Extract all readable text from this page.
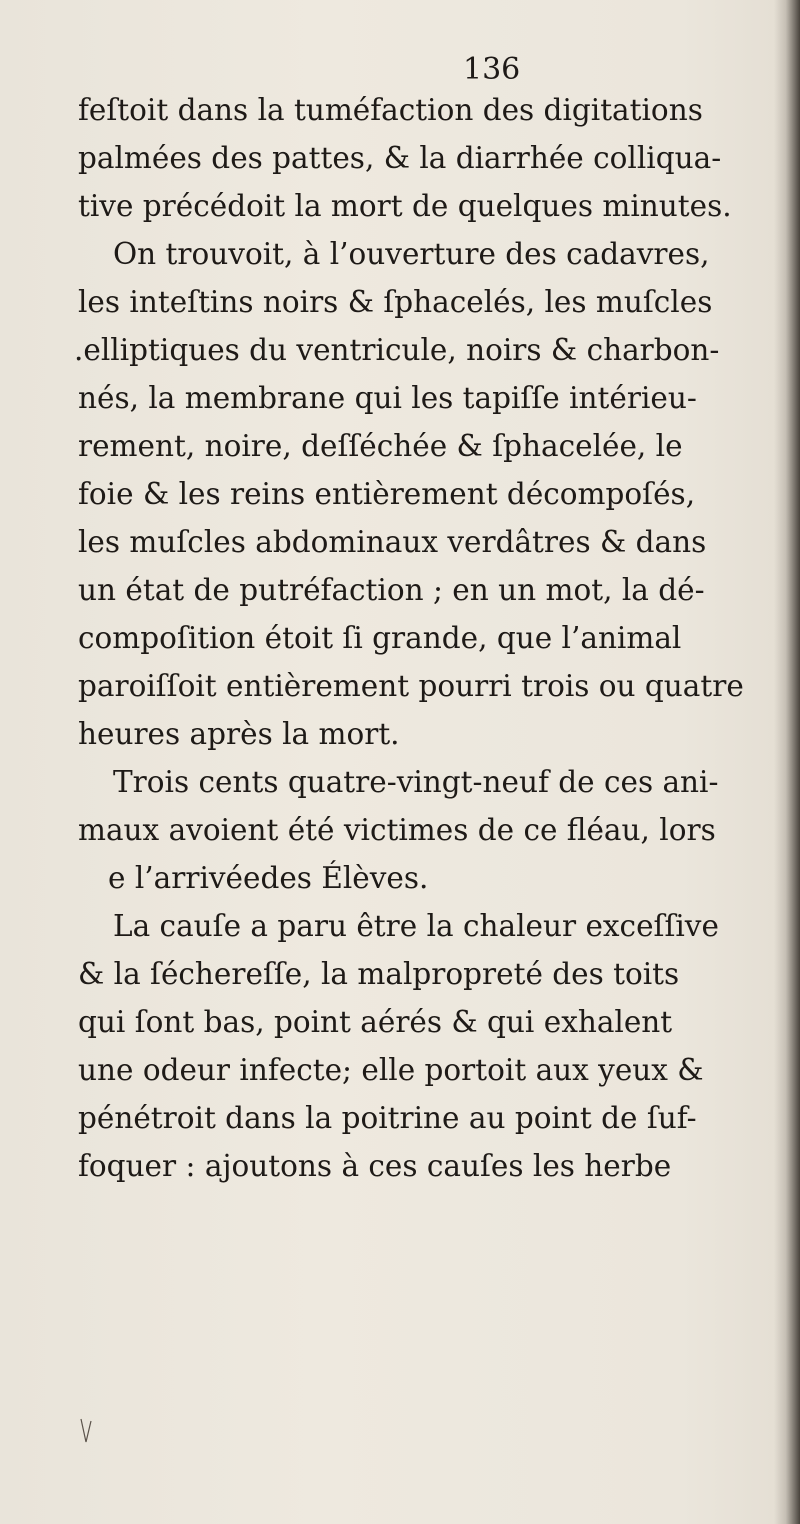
136
feſtoit dans la tuméfaction des digitations
palmées des pattes, & la diarrhée colliqua-
tive précédoit la mort de quelques minutes.
On trouvoit, à l’ouverture des cadavres,
les inteſtins noirs & ſphacelés, les muſcles
.elliptiques du ventricule, noirs & charbon-
nés, la membrane qui les tapiſſe intérieu-
rement, noire, deſſéchée & ſphacelée, le
foie & les reins entièrement décompoſés,
les muſcles abdominaux verdâtres & dans
un état de putréfaction ; en un mot, la dé-
compoſition étoit ſi grande, que l’animal
paroiſſoit entièrement pourri trois ou quatre
heures après la mort.
Trois cents quatre-vingt-neuf de ces ani-
maux avoient été victimes de ce fléau, lors
e l’arrivéedes Élèves.
La cauſe a paru être la chaleur exceſſive
& la ſéchereſſe, la malpropreté des toits
qui ſont bas, point aérés & qui exhalent
une odeur infecte; elle portoit aux yeux &
pénétroit dans la poitrine au point de ſuf-
foquer : ajoutons à ces cauſes les herbe
